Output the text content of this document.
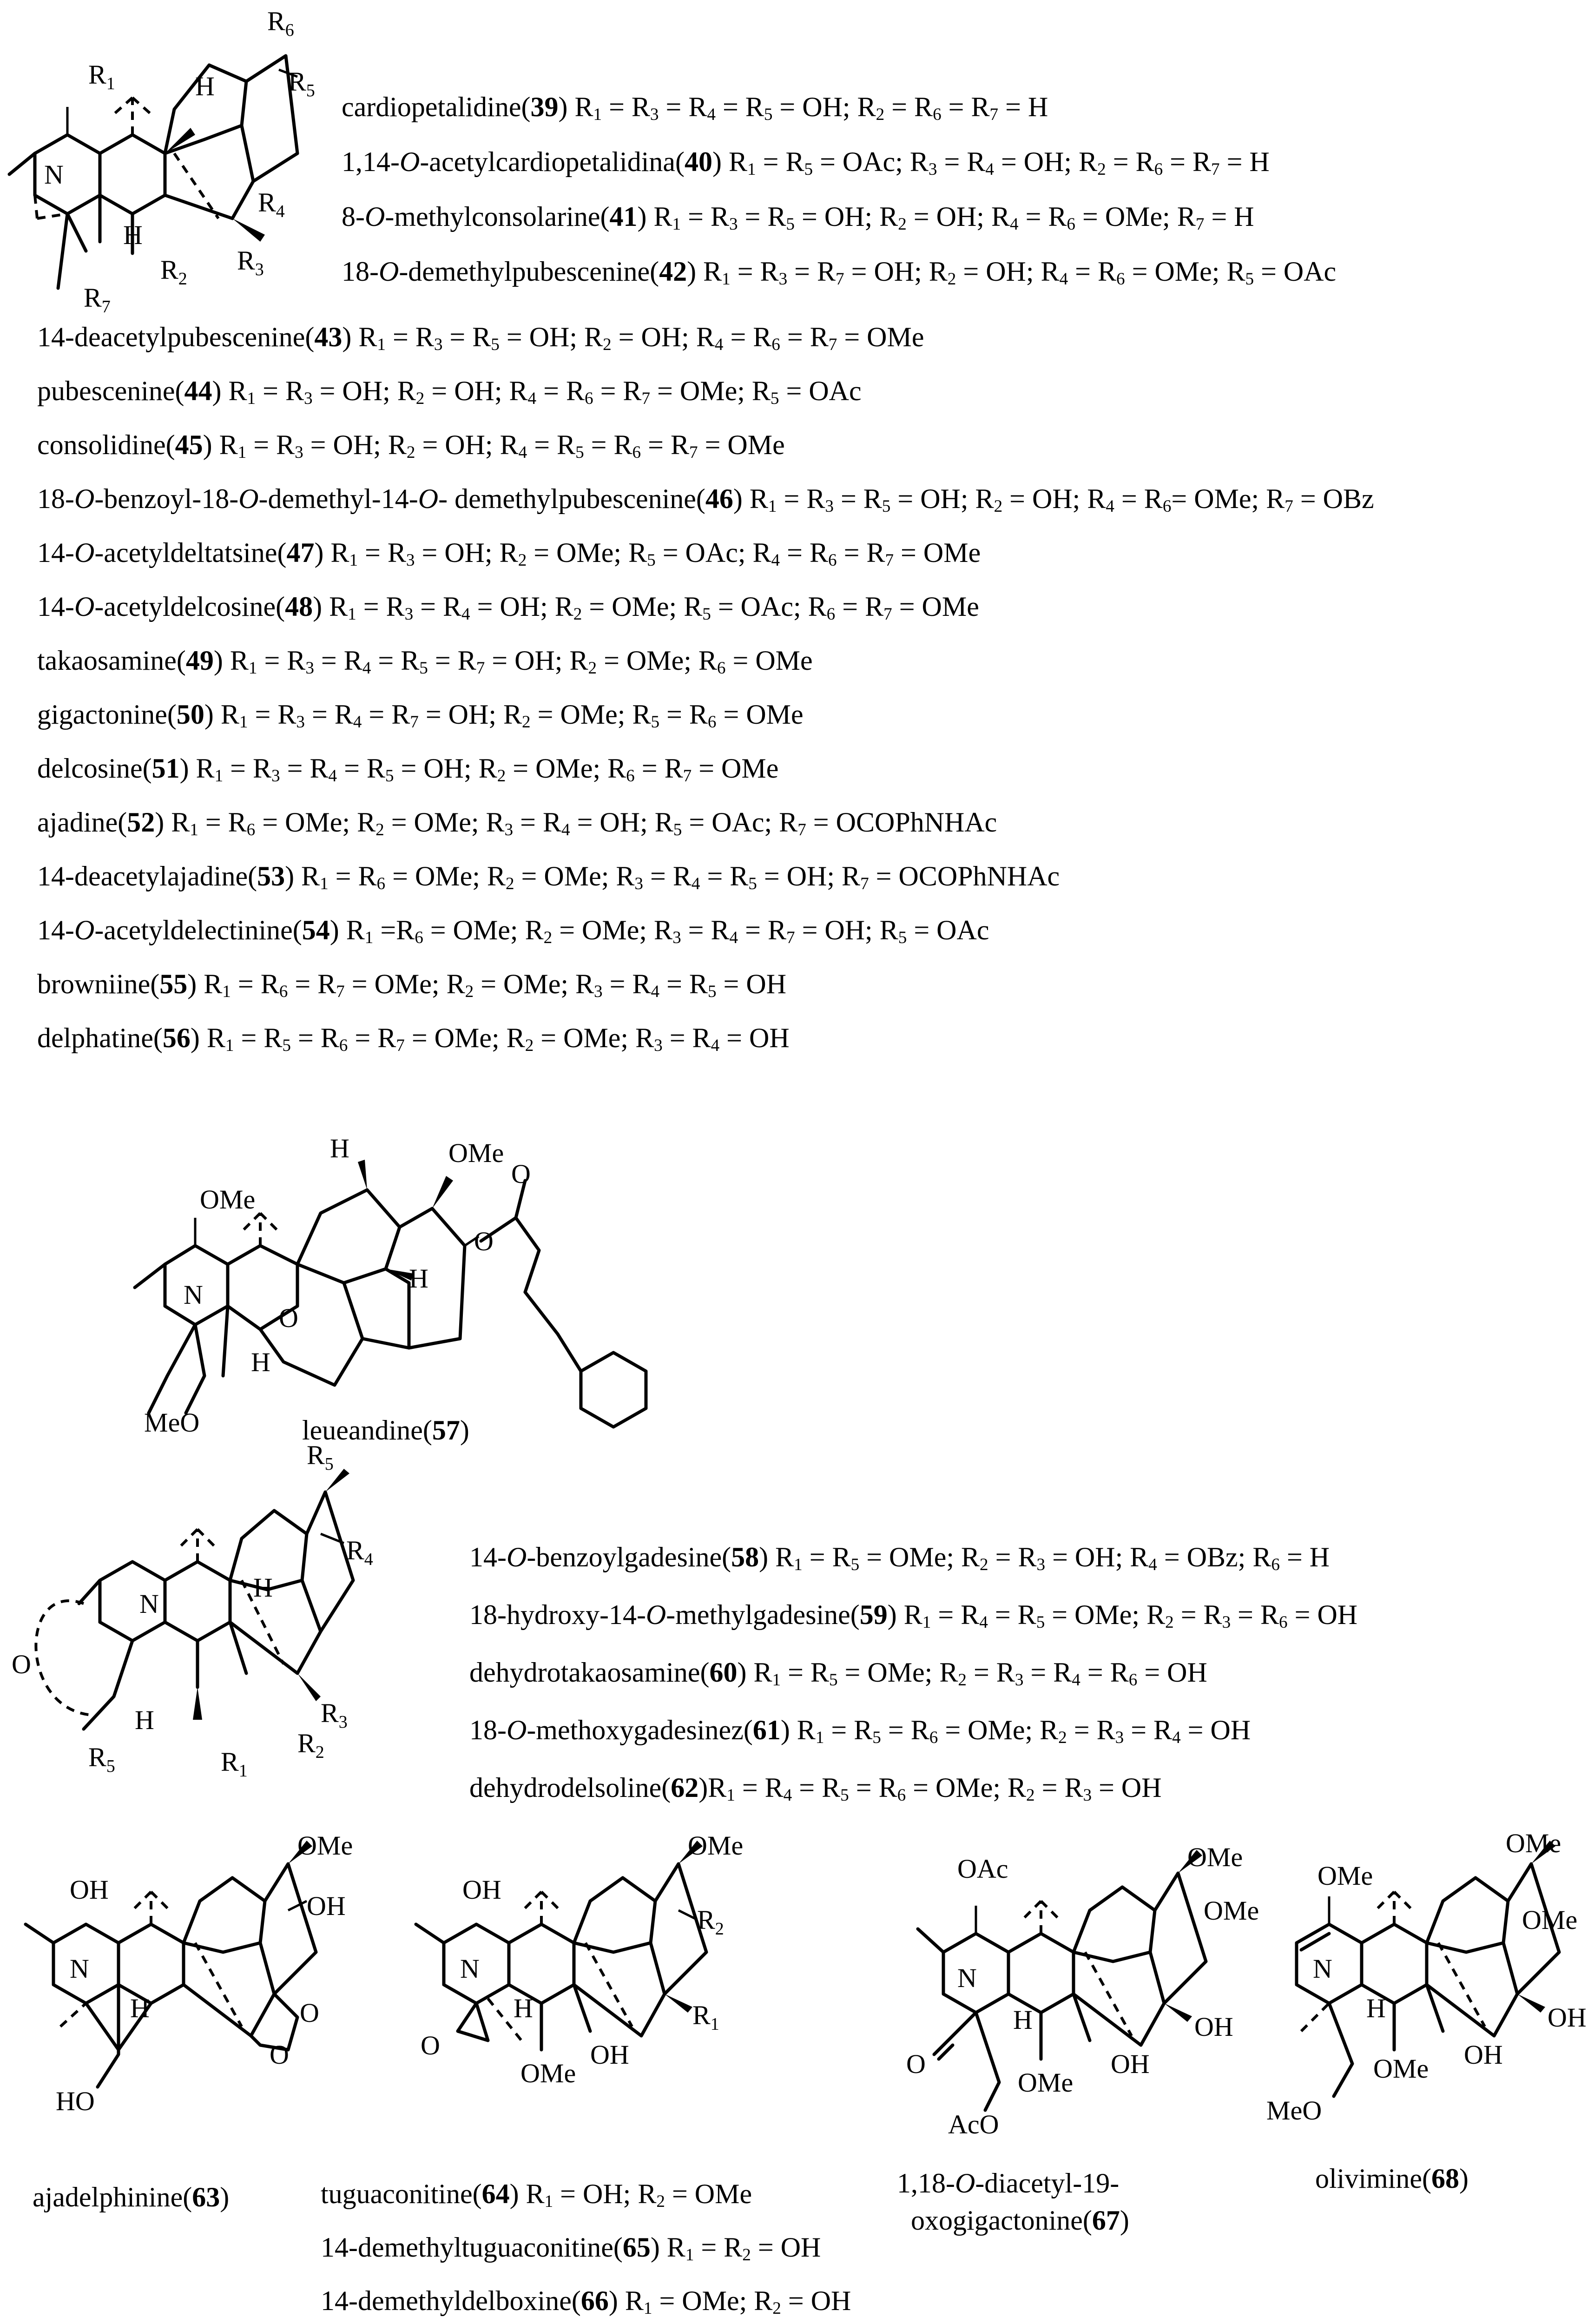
$R_1$
N
H
H
$R_6$
$R_5$
$R_4$
$R_3$
$R_2$
$R_7$
cardiopetalidine(39) $R_1 = R_3 = R_4 = R_5$ = OH; $R_2 = R_6 = R_7 = H$
1,14-O-acetylcardiopetalidina(40) $R_1 = R_5$ = OAc; $R_3 = R_4$ = OH; $R_2 = R_6 = R_7 = H$
8-O-methylconsolarine(41) $R_1 = R_3 = R_5$ = OH; $R_2$ = OH; $R_4 = R_6$ = OMe; $R_7 = H$
18-O-demethylpubescenine(42) $R_1 = R_3 = R_7$ = OH; $R_2$ = OH; $R_4 = R_6$ = OMe; $R_5$ = OAc
14-deacetylpubescenine(43) $R_1 = R_3 = R_5$ = OH; $R_2$ = OH; $R_4 = R_6 = R_7$ = OMe
pubescenine(44) $R_1 = R_3$ = OH; $R_2$ = OH; $R_4 = R_6 = R_7$ = OMe; $R_5$ = OAc
consolidine(45) $R_1 = R_3$ = OH; $R_2$ = OH; $R_4 = R_5 = R_6 = R_7$ = OMe
18-O-benzoyl-18-O-demethyl-14-O- demethylpubescenine(46) $R_1 = R_3 = R_5$ = OH; $R_2$ = OH; $R_4 = R_6=$ OMe; $R_7$ = OBz
14-O-acetyldeltatsine(47) $R_1 = R_3$ = OH; $R_2$ = OMe; $R_5$ = OAc; $R_4 = R_6 = R_7$ = OMe
14-O-acetyldelcosine(48) $R_1 = R_3 = R_4$ = OH; $R_2$ = OMe; $R_5$ = OAc; $R_6 = R_7$ = OMe
takaosamine(49) $R_1 = R_3 = R_4 = R_5 = R_7$ = OH; $R_2$ = OMe; $R_6$ = OMe
gigactonine(50) $R_1 = R_3 = R_4 = R_7$ = OH; $R_2$ = OMe; $R_5 = R_6$ = OMe
delcosine(51) $R_1 = R_3 = R_4 = R_5$ = OH; $R_2$ = OMe; $R_6 = R_7$ = OMe
ajadine(52) $R_1 = R_6$ = OMe; $R_2$ = OMe; $R_3 = R_4$ = OH; $R_5$ = OAc; $R_7$ = OCOPhNHAc
14-deacetylajadine(53) $R_1 = R_6$ = OMe; $R_2$ = OMe; $R_3 = R_4 = R_5$ = OH; $R_7$ = OCOPhNHAc
14-O-acetyldelectinine(54) $R_1 =R_6$ = OMe; $R_2$ = OMe; $R_3 = R_4 = R_7$ = OH; $R_5$ = OAc
browniine(55) $R_1 = R_6 = R_7$ = OMe; $R_2$ = OMe; $R_3 = R_4 = R_5$ = OH
delphatine(56) $R_1 = R_5 = R_6 = R_7$ = OMe; $R_2$ = OMe; $R_3 = R_4$ = OH
OMe
OMe
H
H
H
N
O
O
O
MeO	leueandine(57)
$R_5$
$R_4$
$R_3$
$R_2$
$R_1$
$R_5$
O
N
H
H
14-O-benzoylgadesine(58) $R_1 = R_5$ = OMe; $R_2 = R_3$ = OH; $R_4$ = OBz; $R_6 = H$
18-hydroxy-14-O-methylgadesine(59) $R_1 = R_4 = R_5$ = OMe; $R_2 = R_3 = R_6$ = OH
dehydrotakaosamine(60) $R_1 = R_5$ = OMe; $R_2 = R_3 = R_4 = R_6$ = OH
18-O-methoxygadesinez(61) $R_1 = R_5 = R_6$ = OMe; $R_2 = R_3 = R_4$ = OH
$dehydrodelsoline(62)R_1 = R_4 = R_5 = R_6$ = OMe; $R_2 = R_3$ = OH
OH
OMe
OH
N
H	O
O
HO
OH
OMe
$R_2$
$R_1$
N
H
O
OMe
OH
OAc	OMe
OMe
N
H	OH
OH
OMe
O
AcO
OMe
OMe
OMe
N
H	OH
OH
OMe
MeO
ajadelphinine(63)	tuguaconitine(64) $R_1$ = OH; $R_2$ = OMe
14-demethyltuguaconitine(65) $R_1 = R_2$ = OH
14-demethyldelboxine(66) $R_1$ = OMe; $R_2$ = OH
1,18-O-diacetyl-19-
oxogigactonine(67)
olivimine(68)
